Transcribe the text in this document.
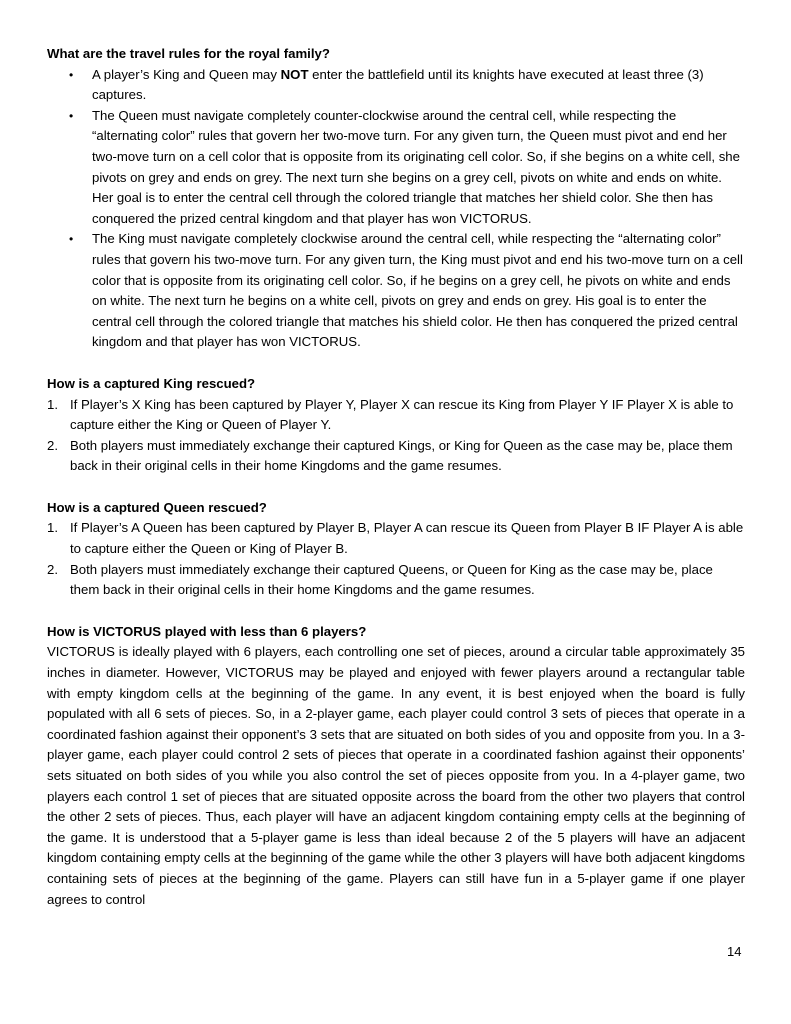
What are the travel rules for the royal family?
• A player’s King and Queen may NOT enter the battlefield until its knights have executed at least three (3) captures.
• The Queen must navigate completely counter-clockwise around the central cell, while respecting the “alternating color” rules that govern her two-move turn. For any given turn, the Queen must pivot and end her two-move turn on a cell color that is opposite from its originating cell color. So, if she begins on a white cell, she pivots on grey and ends on grey. The next turn she begins on a grey cell, pivots on white and ends on white. Her goal is to enter the central cell through the colored triangle that matches her shield color. She then has conquered the prized central kingdom and that player has won VICTORUS.
• The King must navigate completely clockwise around the central cell, while respecting the “alternating color” rules that govern his two-move turn. For any given turn, the King must pivot and end his two-move turn on a cell color that is opposite from its originating cell color. So, if he begins on a grey cell, he pivots on white and ends on white. The next turn he begins on a white cell, pivots on grey and ends on grey. His goal is to enter the central cell through the colored triangle that matches his shield color. He then has conquered the prized central kingdom and that player has won VICTORUS.
How is a captured King rescued?
1. If Player’s X King has been captured by Player Y, Player X can rescue its King from Player Y IF Player X is able to capture either the King or Queen of Player Y.
2. Both players must immediately exchange their captured Kings, or King for Queen as the case may be, place them back in their original cells in their home Kingdoms and the game resumes.
How is a captured Queen rescued?
1. If Player’s A Queen has been captured by Player B, Player A can rescue its Queen from Player B IF Player A is able to capture either the Queen or King of Player B.
2. Both players must immediately exchange their captured Queens, or Queen for King as the case may be, place them back in their original cells in their home Kingdoms and the game resumes.
How is VICTORUS played with less than 6 players?

VICTORUS is ideally played with 6 players, each controlling one set of pieces, around a circular table approximately 35 inches in diameter. However, VICTORUS may be played and enjoyed with fewer players around a rectangular table with empty kingdom cells at the beginning of the game. In any event, it is best enjoyed when the board is fully populated with all 6 sets of pieces. So, in a 2-player game, each player could control 3 sets of pieces that operate in a coordinated fashion against their opponent’s 3 sets that are situated on both sides of you and opposite from you. In a 3-player game, each player could control 2 sets of pieces that operate in a coordinated fashion against their opponents’ sets situated on both sides of you while you also control the set of pieces opposite from you. In a 4-player game, two players each control 1 set of pieces that are situated opposite across the board from the other two players that control the other 2 sets of pieces. Thus, each player will have an adjacent kingdom containing empty cells at the beginning of the game. It is understood that a 5-player game is less than ideal because 2 of the 5 players will have an adjacent kingdom containing empty cells at the beginning of the game while the other 3 players will have both adjacent kingdoms containing sets of pieces at the beginning of the game. Players can still have fun in a 5-player game if one player agrees to control

14
